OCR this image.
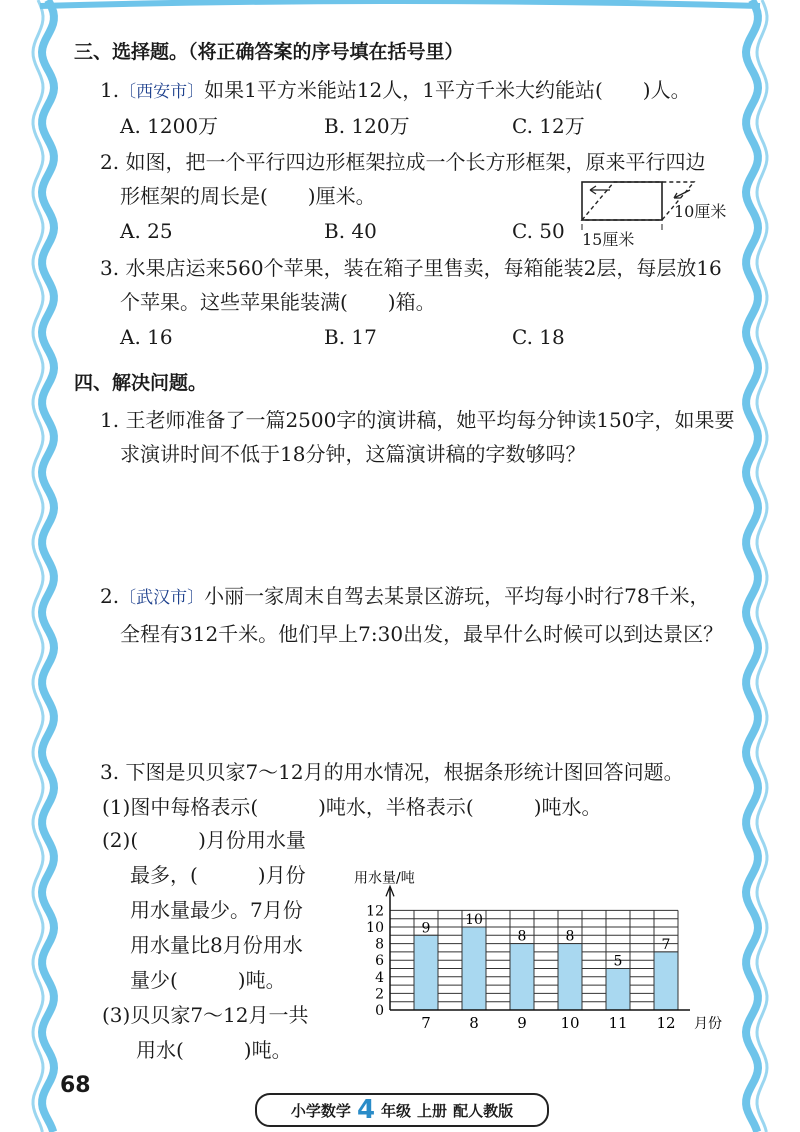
三、选择题。（将正确答案的序号填在括号里）
1.〔西安市〕如果1平方米能站12人，1平方千米大约能站(　　)人。
A. 1200万	B. 120万	C. 12万
2. 如图，把一个平行四边形框架拉成一个长方形框架，原来平行四边
形框架的周长是(　　)厘米。
A. 25	B. 40	C. 50
10厘米
15厘米
3. 水果店运来560个苹果，装在箱子里售卖，每箱能装2层，每层放16
个苹果。这些苹果能装满(　　)箱。
A. 16	B. 17	C. 18
四、解决问题。
1. 王老师准备了一篇2500字的演讲稿，她平均每分钟读150字，如果要
求演讲时间不低于18分钟，这篇演讲稿的字数够吗？
2.〔武汉市〕小丽一家周末自驾去某景区游玩，平均每小时行78千米，
全程有312千米。他们早上7:30出发，最早什么时候可以到达景区？
3. 下图是贝贝家7～12月的用水情况，根据条形统计图回答问题。
(1)图中每格表示(　　　)吨水，半格表示(　　　)吨水。
(2)(　　　)月份用水量
最多，(　　　)月份
用水量最少。7月份
用水量比8月份用水
量少(　　　)吨。
(3)贝贝家7～12月一共
用水(　　　)吨。
9
7
10
8
8
9
8
10
5
11
7
12
0
2
4
6
8
10
12
用水量/吨
月份
68
小学数学 4 年级 上册 配人教版
